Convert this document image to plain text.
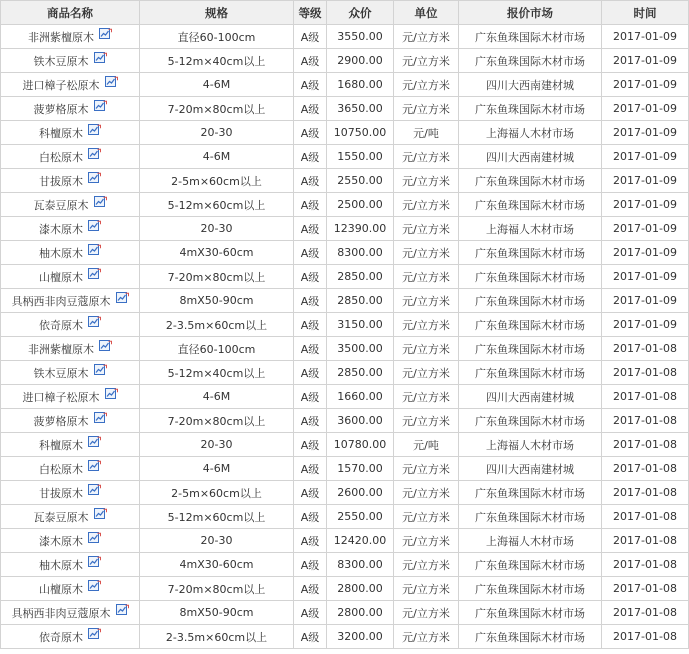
商品名称	规格	等级	众价	单位	报价市场	时间
非洲紫檀原木	直径60-100cm	A级	3550.00	元/立方米	广东鱼珠国际木材市场	2017-01-09
铁木豆原木	5-12m×40cm以上	A级	2900.00	元/立方米	广东鱼珠国际木材市场	2017-01-09
进口樟子松原木	4-6M	A级	1680.00	元/立方米	四川大西南建材城	2017-01-09
菠萝格原木	7-20m×80cm以上	A级	3650.00	元/立方米	广东鱼珠国际木材市场	2017-01-09
科檀原木	20-30	A级	10750.00	元/吨	上海福人木材市场	2017-01-09
白松原木	4-6M	A级	1550.00	元/立方米	四川大西南建材城	2017-01-09
甘拔原木	2-5m×60cm以上	A级	2550.00	元/立方米	广东鱼珠国际木材市场	2017-01-09
瓦泰豆原木	5-12m×60cm以上	A级	2500.00	元/立方米	广东鱼珠国际木材市场	2017-01-09
漆木原木	20-30	A级	12390.00	元/立方米	上海福人木材市场	2017-01-09
柚木原木	4mX30-60cm	A级	8300.00	元/立方米	广东鱼珠国际木材市场	2017-01-09
山檀原木	7-20m×80cm以上	A级	2850.00	元/立方米	广东鱼珠国际木材市场	2017-01-09
具柄西非肉豆蔻原木	8mX50-90cm	A级	2850.00	元/立方米	广东鱼珠国际木材市场	2017-01-09
依奇原木	2-3.5m×60cm以上	A级	3150.00	元/立方米	广东鱼珠国际木材市场	2017-01-09
非洲紫檀原木	直径60-100cm	A级	3500.00	元/立方米	广东鱼珠国际木材市场	2017-01-08
铁木豆原木	5-12m×40cm以上	A级	2850.00	元/立方米	广东鱼珠国际木材市场	2017-01-08
进口樟子松原木	4-6M	A级	1660.00	元/立方米	四川大西南建材城	2017-01-08
菠萝格原木	7-20m×80cm以上	A级	3600.00	元/立方米	广东鱼珠国际木材市场	2017-01-08
科檀原木	20-30	A级	10780.00	元/吨	上海福人木材市场	2017-01-08
白松原木	4-6M	A级	1570.00	元/立方米	四川大西南建材城	2017-01-08
甘拔原木	2-5m×60cm以上	A级	2600.00	元/立方米	广东鱼珠国际木材市场	2017-01-08
瓦泰豆原木	5-12m×60cm以上	A级	2550.00	元/立方米	广东鱼珠国际木材市场	2017-01-08
漆木原木	20-30	A级	12420.00	元/立方米	上海福人木材市场	2017-01-08
柚木原木	4mX30-60cm	A级	8300.00	元/立方米	广东鱼珠国际木材市场	2017-01-08
山檀原木	7-20m×80cm以上	A级	2800.00	元/立方米	广东鱼珠国际木材市场	2017-01-08
具柄西非肉豆蔻原木	8mX50-90cm	A级	2800.00	元/立方米	广东鱼珠国际木材市场	2017-01-08
依奇原木	2-3.5m×60cm以上	A级	3200.00	元/立方米	广东鱼珠国际木材市场	2017-01-08
